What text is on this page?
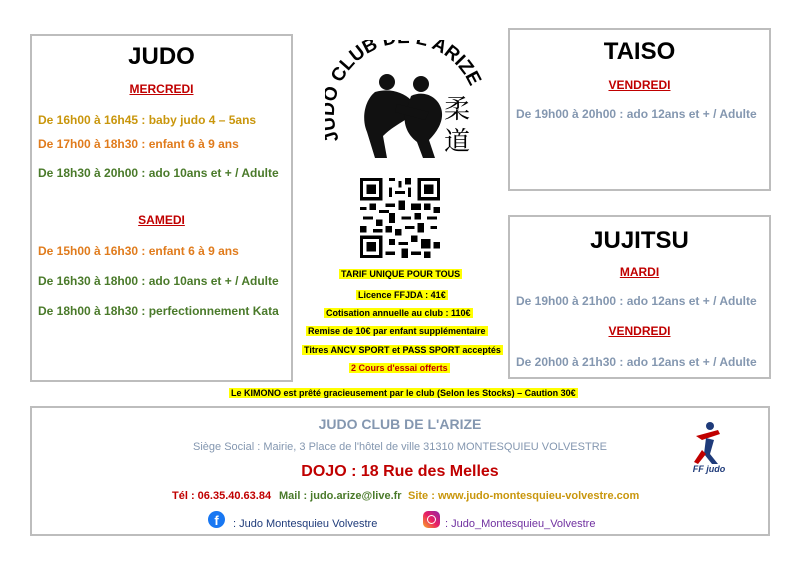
JUDO
MERCREDI
De 16h00 à 16h45 : baby judo 4 – 5ans
De 17h00 à 18h30 : enfant 6 à 9 ans
De 18h30 à 20h00 : ado 10ans et + / Adulte
SAMEDI
De 15h00 à 16h30 : enfant 6 à 9 ans
De 16h30 à 18h00 : ado 10ans et + / Adulte
De 18h00 à 18h30 : perfectionnement Kata
TAISO
VENDREDI
De 19h00 à 20h00 : ado 12ans et + / Adulte
JUJITSU
MARDI
De 19h00 à 21h00 : ado 12ans et + / Adulte
VENDREDI
De 20h00 à 21h30 : ado 12ans et + / Adulte
CLUB 'ARIZE
柔
道
TARIF UNIQUE POUR TOUS
Licence FFJDA : 41€
Cotisation annuelle au club : 110€
Remise de 10€ par enfant supplémentaire
Titres ANCV SPORT et PASS SPORT acceptés
2 Cours d'essai offerts
Le KIMONO est prêté gracieusement par le club (Selon les Stocks) – Caution 30€
JUDO CLUB DE L'ARIZE
Siège Social : Mairie, 3 Place de l'hôtel de ville 31310 MONTESQUIEU VOLVESTRE
DOJO : 18 Rue des Melles
Tél : 06.35.40.63.84 Mail : judo.arize@live.fr Site : www.judo-montesquieu-volvestre.com
f	: Judo Montesquieu Volvestre	: Judo_Montesquieu_Volvestre
FF judo
